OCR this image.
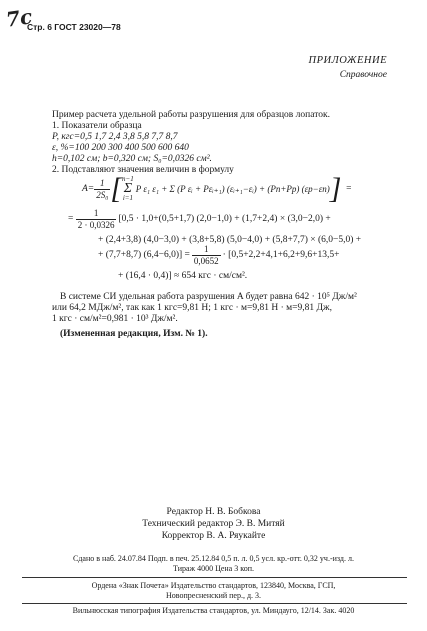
7c
Стр. 6 ГОСТ 23020—78
ПРИЛОЖЕНИЕ
Справочное
Пример расчета удельной работы разрушения для образцов лопаток.
1. Показатели образца
P, кгс=0,5 1,7 2,4 3,8 5,8 7,7 8,7
ε, %=100 200 300 400 500 600 640
h=0,102 см; b=0,320 см; S₀=0,0326 см².
2. Подставляют значения величин в формулу
$A= \frac{1}{\text{2S₀}}$ [ n−1
Σ
i=1
P ε₁ ε₁ + Σ (P εᵢ + Pεᵢ₊₁) (εᵢ₊₁−εᵢ) + (Pп+Pр) (εр−εп) ] =
= $\frac{1}{2 \cdot 0,0326} [0,5 \cdot 1,0+(0,5+1,7) (2,0-1,0) + (1,7+2,4) \times (3,0-2,0)$ +
+ (2,4+3,8) (4,0−3,0) + (3,8+5,8) (5,0−4,0) + (5,8+7,7) × (6,0−5,0) +
+ (7,7+8,7) $(6,4-6,0)] = \frac{1}{0,0652} \cdot [0,5+2,2+4,1+6,2+9,6+13,5+$
+ (16,4 · 0,4)] ≈ 654 кгс · см/см².
В системе СИ удельная работа разрушения A будет равна 642 · 10⁵ Дж/м²
или 64,2 МДж/м², так как 1 кгс=9,81 Н; 1 кгс · м=9,81 Н · м=9,81 Дж,
1 кгс · см/м²=0,981 · 10³ Дж/м².
(Измененная редакция, Изм. № 1).
Редактор Н. В. Бобкова
Технический редактор Э. В. Митяй
Корректор В. А. Ряукайте
Сдано в наб. 24.07.84 Подп. в печ. 25.12.84 0,5 п. л. 0,5 усл. кр.-отт. 0,32 уч.-изд. л.
Тираж 4000 Цена 3 коп.
Ордена «Знак Почета» Издательство стандартов, 123840, Москва, ГСП,
Новопресненский пер., д. 3.
Вильнюсская типография Издательства стандартов, ул. Миндауго, 12/14. Зак. 4020
